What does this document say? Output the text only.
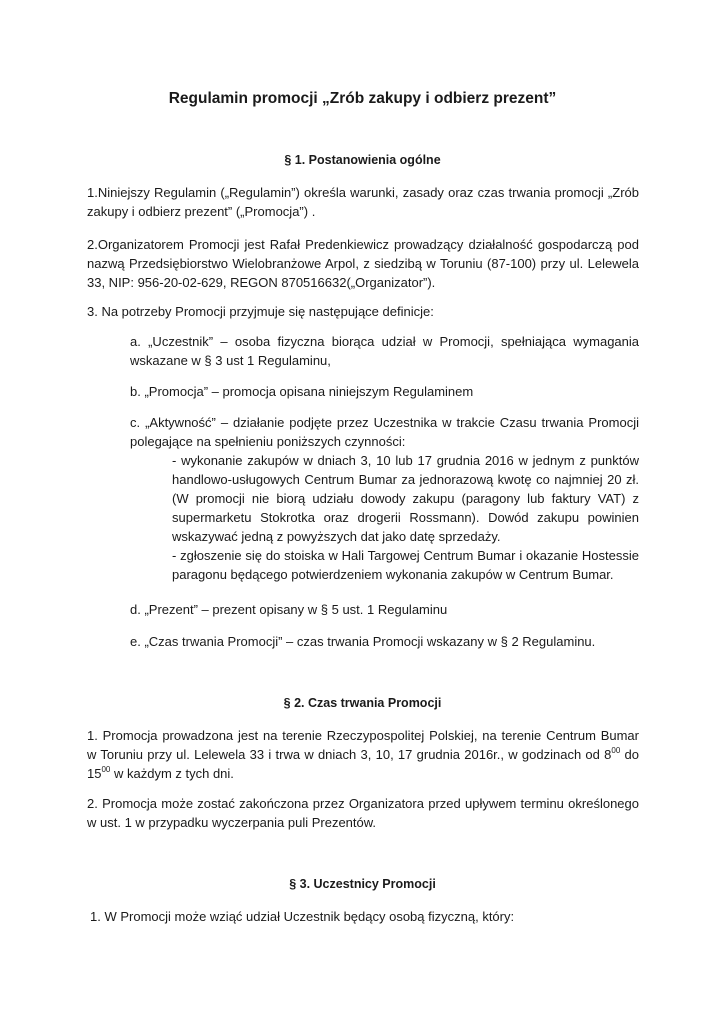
Regulamin promocji „Zrób zakupy i odbierz prezent”
§ 1. Postanowienia ogólne
1.Niniejszy Regulamin („Regulamin”) określa warunki, zasady oraz czas trwania promocji „Zrób zakupy i odbierz prezent” („Promocja”) .
2.Organizatorem Promocji jest Rafał Predenkiewicz prowadzący działalność gospodarczą pod nazwą Przedsiębiorstwo Wielobranżowe Arpol, z siedzibą w Toruniu (87-100) przy ul. Lelewela 33, NIP: 956-20-02-629, REGON 870516632(„Organizator”).
3. Na potrzeby Promocji przyjmuje się następujące definicje:
a. „Uczestnik” – osoba fizyczna biorąca udział w Promocji, spełniająca wymagania wskazane w § 3 ust 1 Regulaminu,
b. „Promocja” – promocja opisana niniejszym Regulaminem
c. „Aktywność” – działanie podjęte przez Uczestnika w trakcie Czasu trwania Promocji polegające na spełnieniu poniższych czynności:
- wykonanie zakupów w dniach 3, 10 lub 17 grudnia 2016 w jednym z punktów handlowo-usługowych Centrum Bumar za jednorazową kwotę co najmniej 20 zł. (W promocji nie biorą udziału dowody zakupu (paragony lub faktury VAT) z supermarketu Stokrotka oraz drogerii Rossmann). Dowód zakupu powinien wskazywać jedną z powyższych dat jako datę sprzedaży.
- zgłoszenie się do stoiska w Hali Targowej Centrum Bumar i okazanie Hostessie paragonu będącego potwierdzeniem wykonania zakupów w Centrum Bumar.
d. „Prezent” – prezent opisany w § 5 ust. 1 Regulaminu
e. „Czas trwania Promocji” – czas trwania Promocji wskazany w § 2 Regulaminu.
§ 2. Czas trwania Promocji
1. Promocja prowadzona jest na terenie Rzeczypospolitej Polskiej, na terenie Centrum Bumar w Toruniu przy ul. Lelewela 33 i trwa w dniach 3, 10, 17 grudnia 2016r., w godzinach od $8^{00}$ do $15^{00}$ w każdym z tych dni.
2. Promocja może zostać zakończona przez Organizatora przed upływem terminu określonego w ust. 1 w przypadku wyczerpania puli Prezentów.
§ 3. Uczestnicy Promocji
1. W Promocji może wziąć udział Uczestnik będący osobą fizyczną, który:
